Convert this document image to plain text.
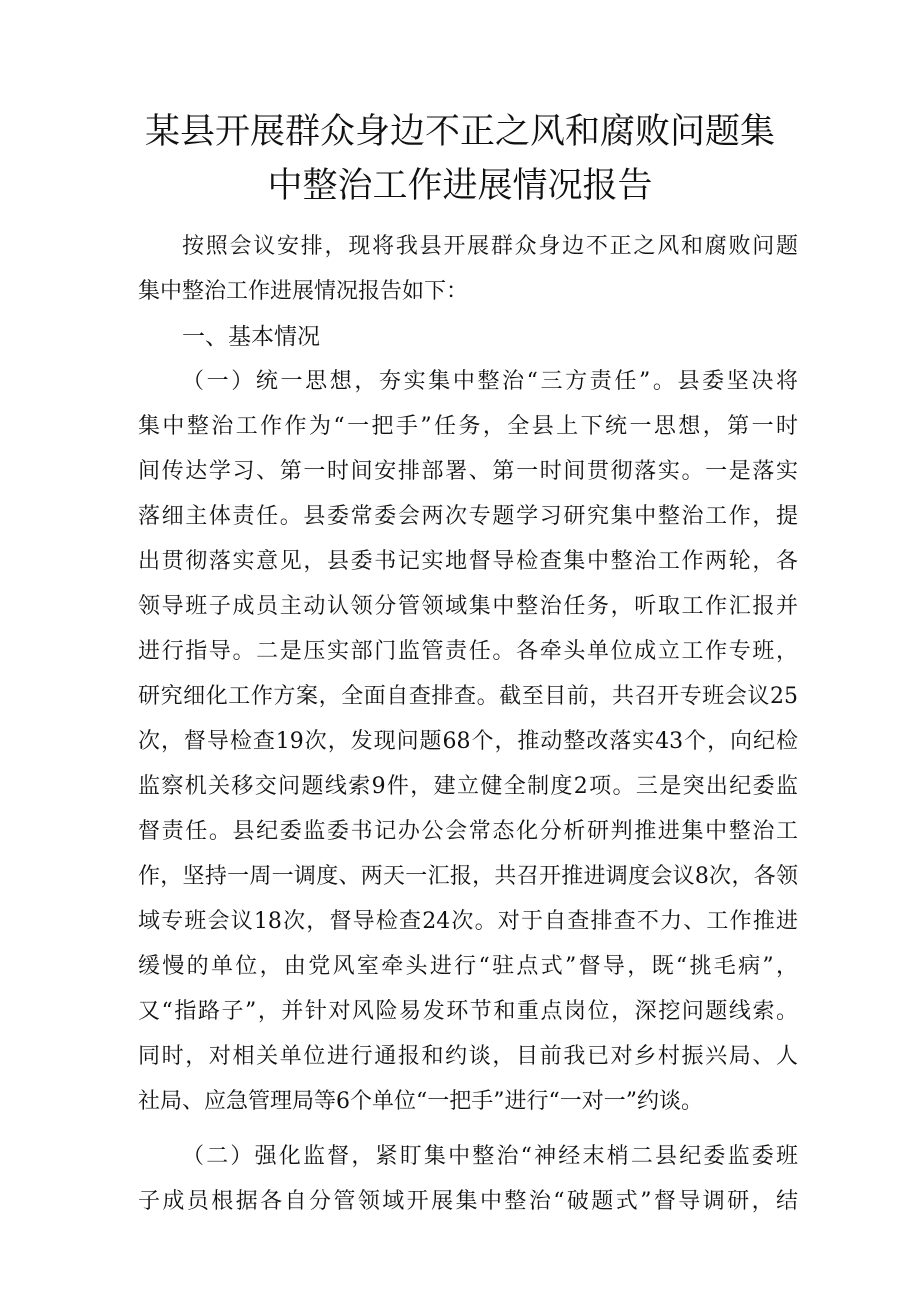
某县开展群众身边不正之风和腐败问题集
中整治工作进展情况报告
按照会议安排，现将我县开展群众身边不正之风和腐败问题
集中整治工作进展情况报告如下：
一、基本情况
（一）统一思想，夯实集中整治“三方责任”。县委坚决将
集中整治工作作为“一把手”任务，全县上下统一思想，第一时
间传达学习、第一时间安排部署、第一时间贯彻落实。一是落实
落细主体责任。县委常委会两次专题学习研究集中整治工作，提
出贯彻落实意见，县委书记实地督导检查集中整治工作两轮，各
领导班子成员主动认领分管领域集中整治任务，听取工作汇报并
进行指导。二是压实部门监管责任。各牵头单位成立工作专班，
研究细化工作方案，全面自查排查。截至目前，共召开专班会议25
次，督导检查19次，发现问题68个，推动整改落实43个，向纪检
监察机关移交问题线索9件，建立健全制度2项。三是突出纪委监
督责任。县纪委监委书记办公会常态化分析研判推进集中整治工
作，坚持一周一调度、两天一汇报，共召开推进调度会议8次，各领
域专班会议18次，督导检查24次。对于自查排查不力、工作推进
缓慢的单位，由党风室牵头进行“驻点式”督导，既“挑毛病”，
又“指路子”，并针对风险易发环节和重点岗位，深挖问题线索。
同时，对相关单位进行通报和约谈，目前我已对乡村振兴局、人
社局、应急管理局等6个单位“一把手”进行“一对一”约谈。
（二）强化监督，紧盯集中整治“神经末梢二县纪委监委班
子成员根据各自分管领域开展集中整治“破题式”督导调研，结
